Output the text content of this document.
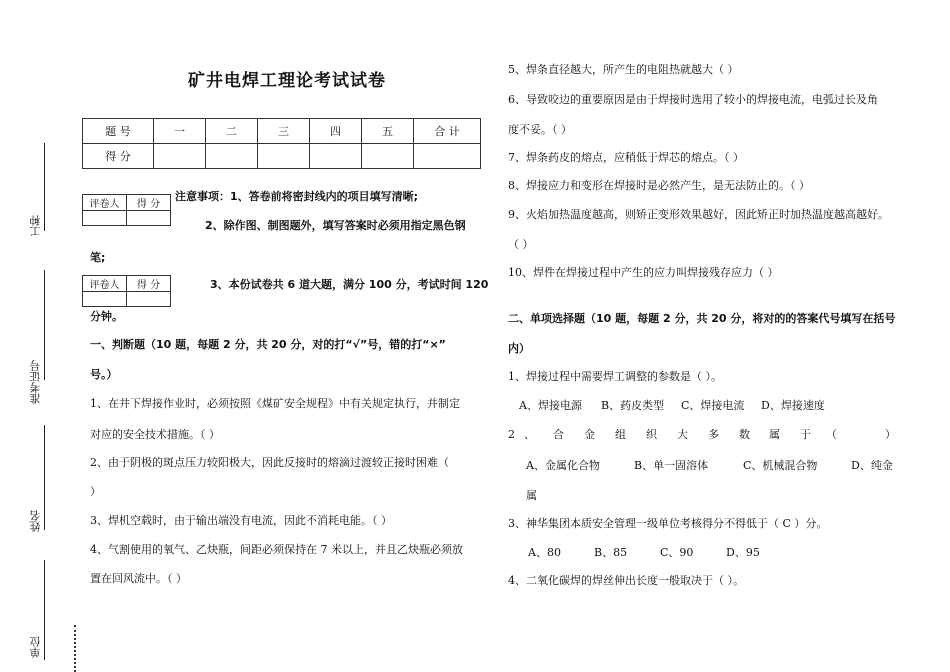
工种
准考证号
姓名
单位
矿井电焊工理论考试试卷
题 号	一	二	三	四	五	合 计
得 分						
评卷人	得 分

评卷人	得 分

注意事项：1、答卷前将密封线内的项目填写清晰;
2、除作图、制图题外，填写答案时必须用指定黑色钢
笔;
3、本份试卷共 6 道大题，满分 100 分，考试时间 120
分钟。
一、判断题（10 题，每题 2 分，共 20 分，对的打“√”号，错的打“×”
号。）
1、在井下焊接作业时，必须按照《煤矿安全规程》中有关规定执行，并制定
对应的安全技术措施。（ ）
2、由于阴极的斑点压力较阳极大，因此反接时的熔滴过渡较正接时困难（
）
3、焊机空载时，由于输出端没有电流，因此不消耗电能。（ ）
4、气割使用的氧气、乙炔瓶，间距必须保持在 7 米以上，并且乙炔瓶必须放
置在回风流中。（ ）
5、焊条直径越大，所产生的电阻热就越大（ ）
6、导致咬边的重要原因是由于焊接时选用了较小的焊接电流，电弧过长及角
度不妥。（ ）
7、焊条药皮的熔点，应稍低于焊芯的熔点。（ ）
8、焊接应力和变形在焊接时是必然产生，是无法防止的。（ ）
9、火焰加热温度越高，则矫正变形效果越好，因此矫正时加热温度越高越好。
（ ）
10、焊件在焊接过程中产生的应力叫焊接残存应力（ ）
二、单项选择题（10 题，每题 2 分，共 20 分，将对的的答案代号填写在括号
内）
1、焊接过程中需要焊工调整的参数是（ ）。
A、焊接电源 B、药皮类型 C、焊接电流 D、焊接速度
2 、 合 金 组 织 大 多 数 属 于 （	）
A、金属化合物	B、单一固溶体	C、机械混合物	D、纯金
属
3、神华集团本质安全管理一级单位考核得分不得低于（ C ）分。
A、80	B、85	C、90	D、95
4、二氧化碳焊的焊丝伸出长度一般取决于（ ）。
